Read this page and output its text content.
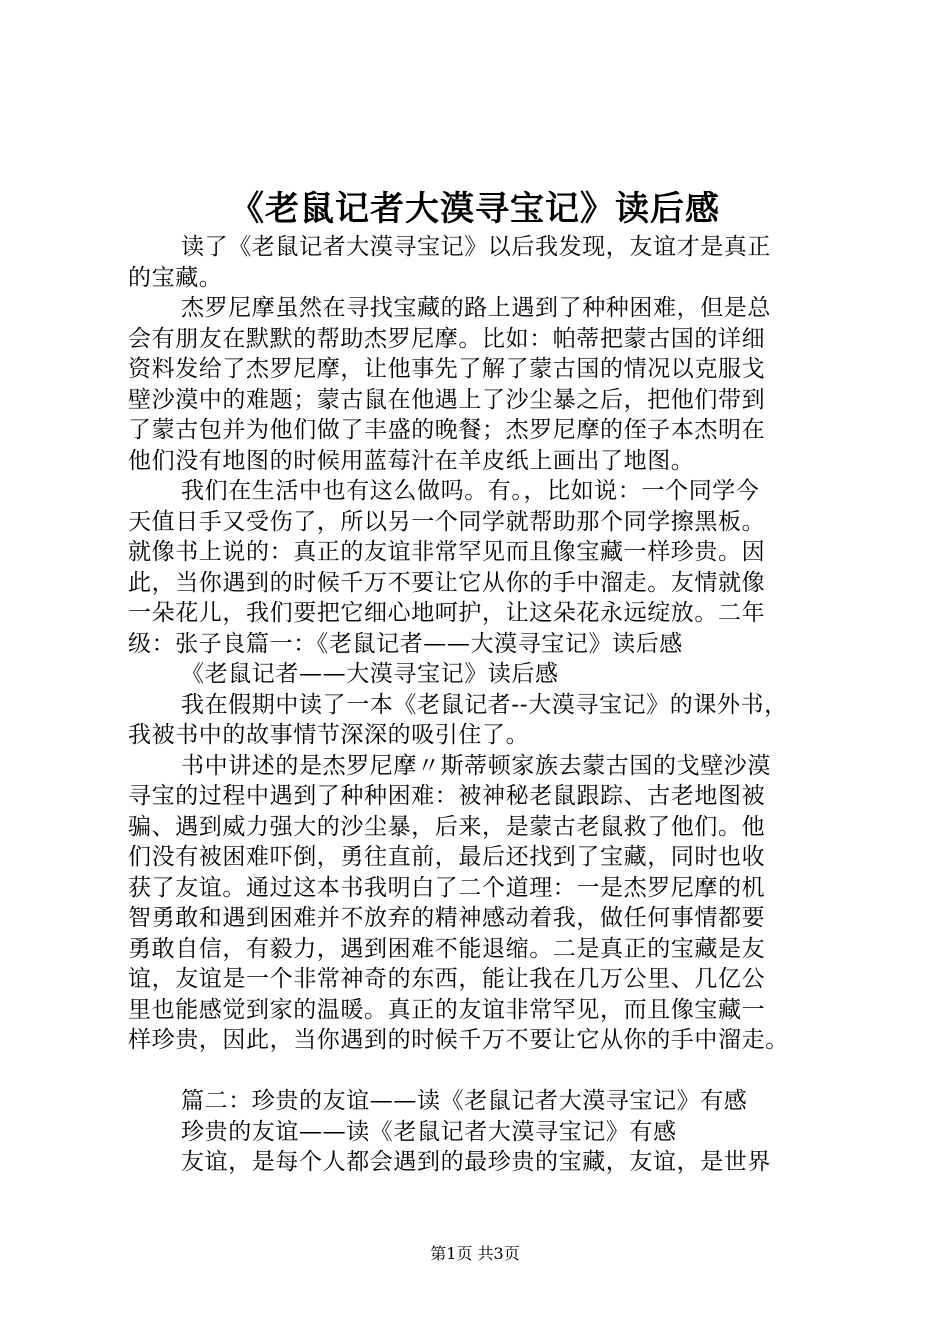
《老鼠记者大漠寻宝记》读后感
读了《老鼠记者大漠寻宝记》以后我发现，友谊才是真正
的宝藏。
杰罗尼摩虽然在寻找宝藏的路上遇到了种种困难，但是总
会有朋友在默默的帮助杰罗尼摩。比如：帕蒂把蒙古国的详细
资料发给了杰罗尼摩，让他事先了解了蒙古国的情况以克服戈
壁沙漠中的难题；蒙古鼠在他遇上了沙尘暴之后，把他们带到
了蒙古包并为他们做了丰盛的晚餐；杰罗尼摩的侄子本杰明在
他们没有地图的时候用蓝莓汁在羊皮纸上画出了地图。
我们在生活中也有这么做吗。有。，比如说：一个同学今
天值日手又受伤了，所以另一个同学就帮助那个同学擦黑板。
就像书上说的：真正的友谊非常罕见而且像宝藏一样珍贵。因
此，当你遇到的时候千万不要让它从你的手中溜走。友情就像
一朵花儿，我们要把它细心地呵护，让这朵花永远绽放。二年
级：张子良篇一：《老鼠记者——大漠寻宝记》读后感
《老鼠记者——大漠寻宝记》读后感
我在假期中读了一本《老鼠记者--大漠寻宝记》的课外书，
我被书中的故事情节深深的吸引住了。
书中讲述的是杰罗尼摩〃斯蒂顿家族去蒙古国的戈壁沙漠
寻宝的过程中遇到了种种困难：被神秘老鼠跟踪、古老地图被
骗、遇到威力强大的沙尘暴，后来，是蒙古老鼠救了他们。他
们没有被困难吓倒，勇往直前，最后还找到了宝藏，同时也收
获了友谊。通过这本书我明白了二个道理：一是杰罗尼摩的机
智勇敢和遇到困难并不放弃的精神感动着我，做任何事情都要
勇敢自信，有毅力，遇到困难不能退缩。二是真正的宝藏是友
谊，友谊是一个非常神奇的东西，能让我在几万公里、几亿公
里也能感觉到家的温暖。真正的友谊非常罕见，而且像宝藏一
样珍贵，因此，当你遇到的时候千万不要让它从你的手中溜走。
篇二：珍贵的友谊——读《老鼠记者大漠寻宝记》有感
珍贵的友谊——读《老鼠记者大漠寻宝记》有感
友谊，是每个人都会遇到的最珍贵的宝藏，友谊，是世界
第1页 共3页
